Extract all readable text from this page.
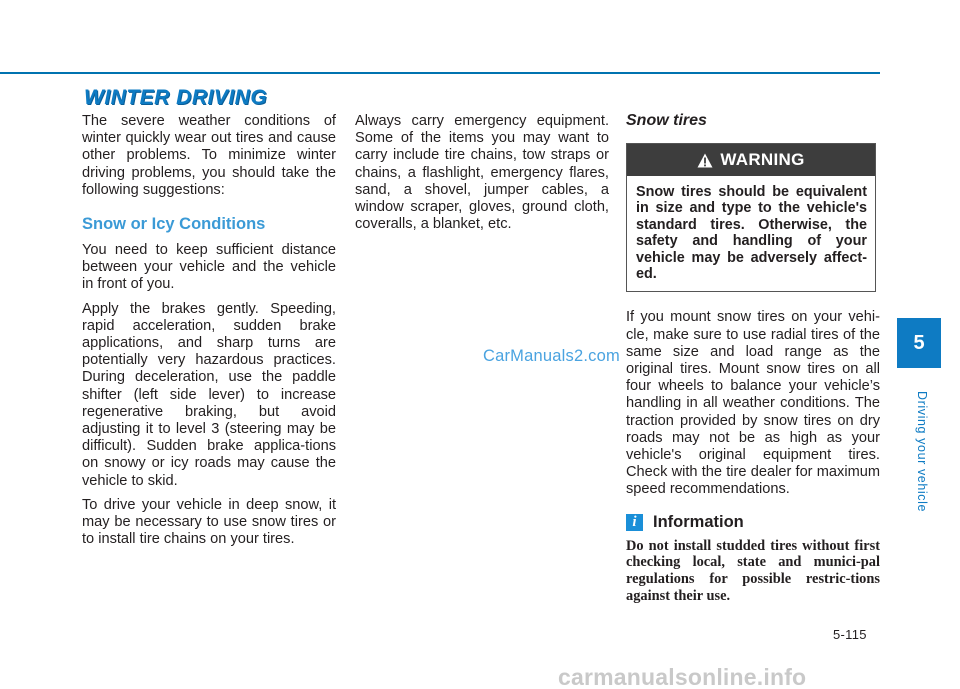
WINTER DRIVING

The severe weather conditions of winter quickly wear out tires and cause other problems. To minimize winter driving problems, you should take the following suggestions:

Snow or Icy Conditions

You need to keep sufficient distance between your vehicle and the vehicle in front of you.

Apply the brakes gently. Speeding, rapid acceleration, sudden brake applications, and sharp turns are potentially very hazardous practices. During deceleration, use the paddle shifter (left side lever) to increase regenerative braking, but avoid adjusting it to level 3 (steering may be difficult). Sudden brake applica-tions on snowy or icy roads may cause the vehicle to skid.

To drive your vehicle in deep snow, it may be necessary to use snow tires or to install tire chains on your tires.

Always carry emergency equipment. Some of the items you may want to carry include tire chains, tow straps or chains, a flashlight, emergency flares, sand, a shovel, jumper cables, a window scraper, gloves, ground cloth, coveralls, a blanket, etc.

Snow tires
WARNING
Snow tires should be equivalent in size and type to the vehicle's standard tires. Otherwise, the safety and handling of your vehicle may be adversely affect-ed.

If you mount snow tires on your vehi-cle, make sure to use radial tires of the same size and load range as the original tires. Mount snow tires on all four wheels to balance your vehicle’s handling in all weather conditions. The traction provided by snow tires on dry roads may not be as high as your vehicle's original equipment tires. Check with the tire dealer for maximum speed recommendations.

i Information
Do not install studded tires without first checking local, state and munici-pal regulations for possible restric-tions against their use.
CarManuals2.com
5
Driving your vehicle
5-115
carmanualsonline.info
